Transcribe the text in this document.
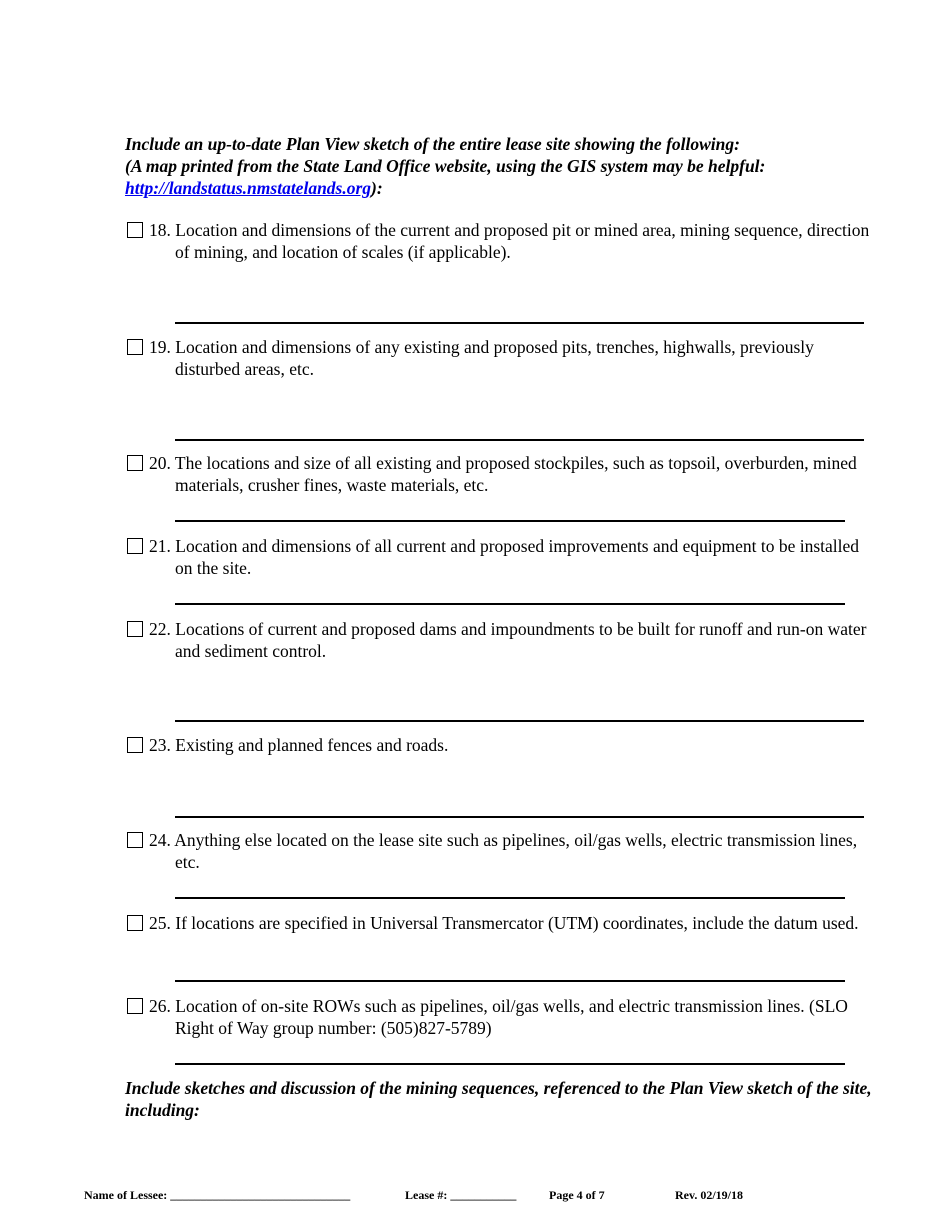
Include an up-to-date Plan View sketch of the entire lease site showing the following:
(A map printed from the State Land Office website, using the GIS system may be helpful:
http://landstatus.nmstatelands.org):

18. Location and dimensions of the current and proposed pit or mined area, mining sequence, direction of mining, and location of scales (if applicable).
19. Location and dimensions of any existing and proposed pits, trenches, highwalls, previously disturbed areas, etc.
20. The locations and size of all existing and proposed stockpiles, such as topsoil, overburden, mined materials, crusher fines, waste materials, etc.
21. Location and dimensions of all current and proposed improvements and equipment to be installed on the site.
22. Locations of current and proposed dams and impoundments to be built for runoff and run-on water and sediment control.
23. Existing and planned fences and roads.
24. Anything else located on the lease site such as pipelines, oil/gas wells, electric transmission lines, etc.
25. If locations are specified in Universal Transmercator (UTM) coordinates, include the datum used.
26. Location of on-site ROWs such as pipelines, oil/gas wells, and electric transmission lines. (SLO Right of Way group number: (505)827-5789)

Include sketches and discussion of the mining sequences, referenced to the Plan View sketch of the site, including:

Name of Lessee: ______________________________	Lease #: ___________	Page 4 of 7	Rev. 02/19/18
